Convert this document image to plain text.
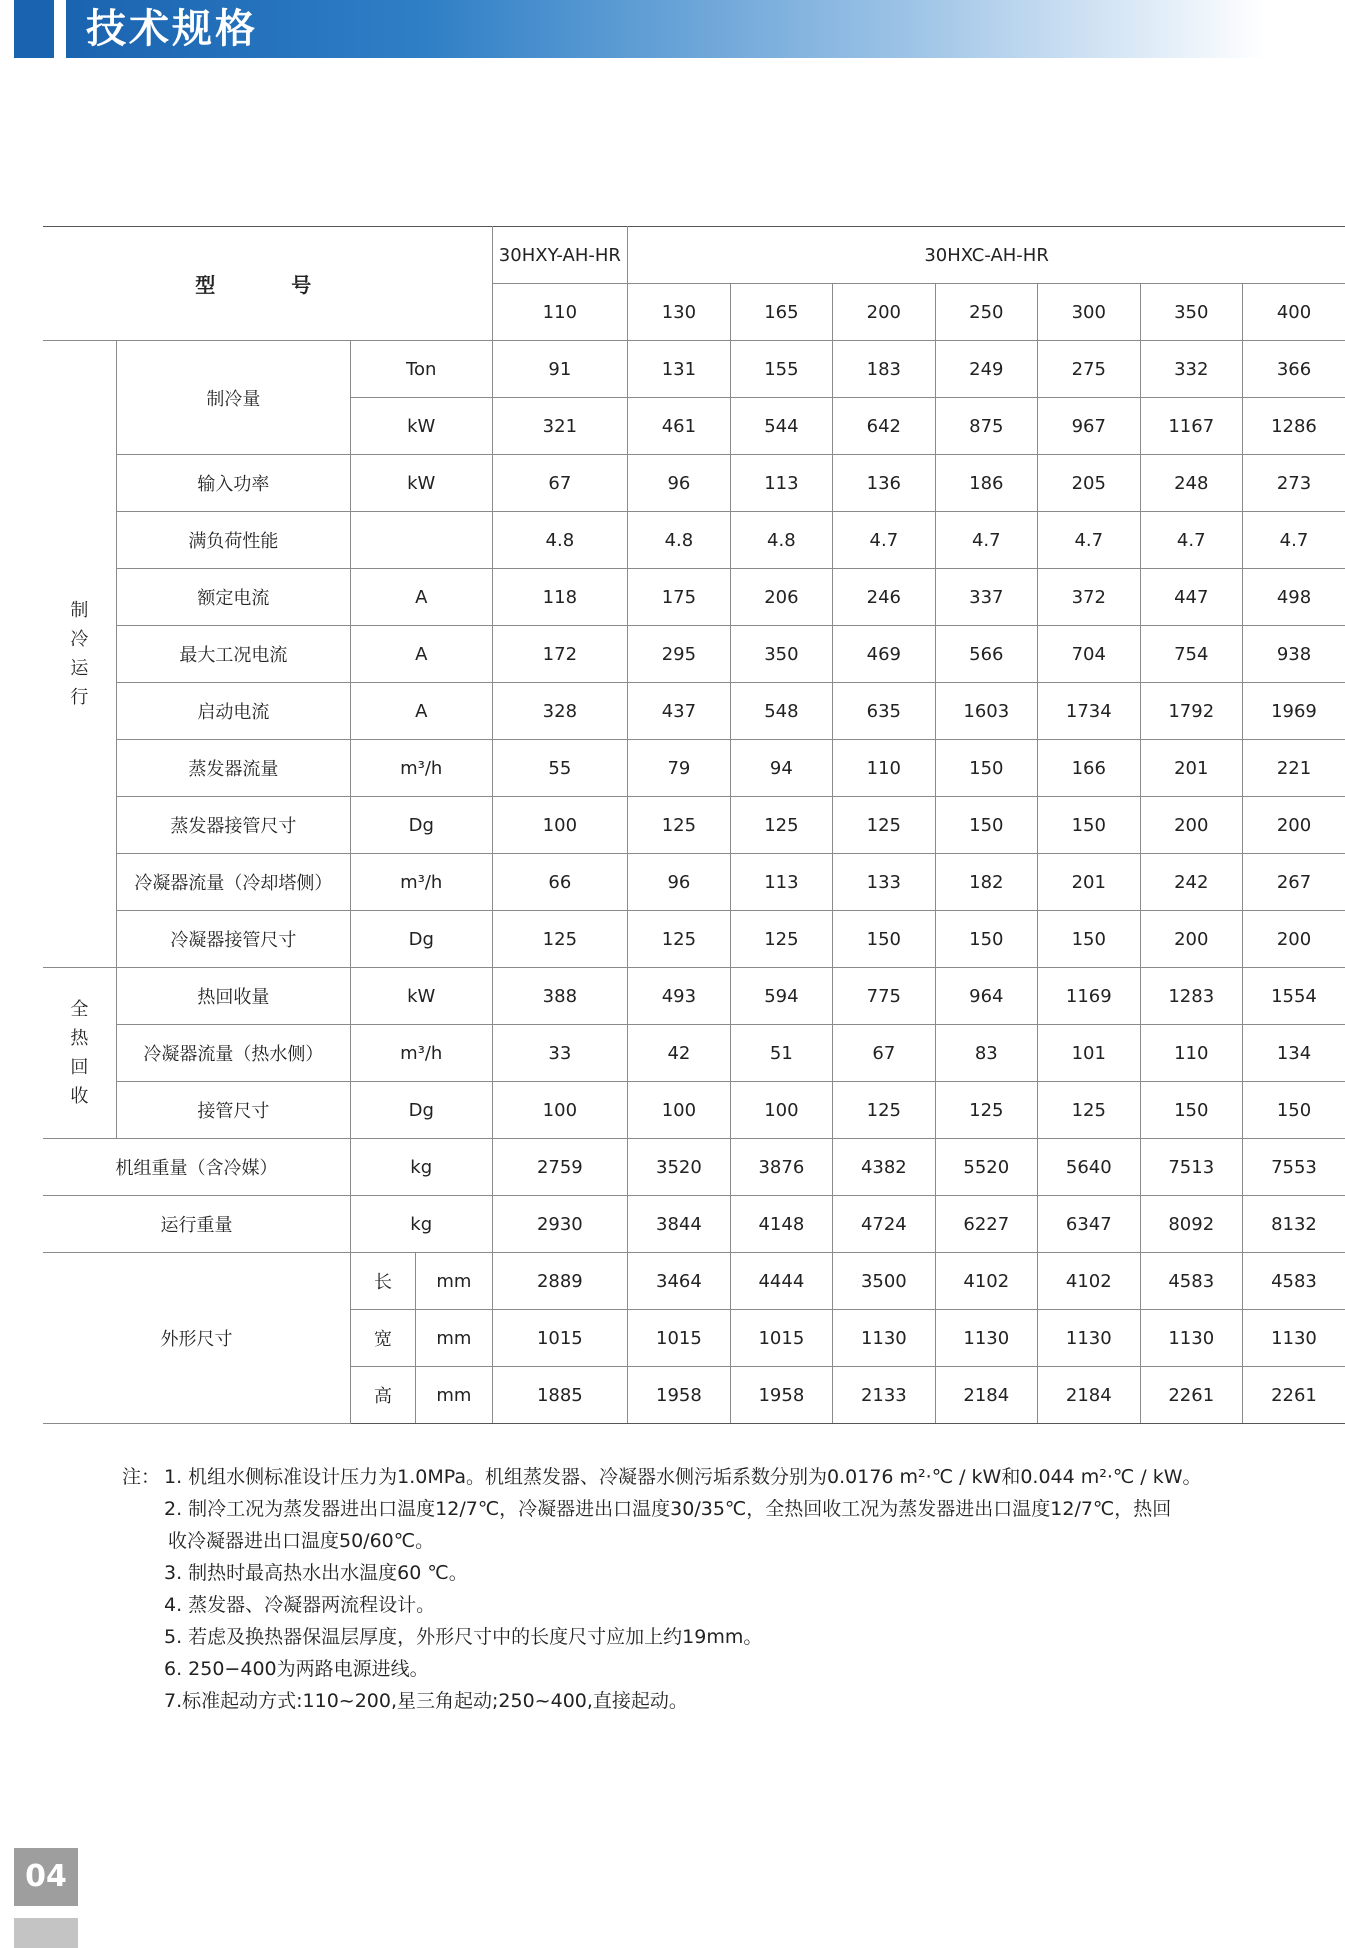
技术规格
型　号				30HXY-AH-HR	30HXC-AH-HR						
				110	130	165	200	250	300	350	400

制
冷
运
行	制冷量	Ton		91	131	155	183	249	275	332	366
		kW		321	461	544	642	875	967	1167	1286
	输入功率	kW		67	96	113	136	186	205	248	273
	满负荷性能			4.8	4.8	4.8	4.7	4.7	4.7	4.7	4.7
	额定电流	A		118	175	206	246	337	372	447	498
	最大工况电流	A		172	295	350	469	566	704	754	938
	启动电流	A		328	437	548	635	1603	1734	1792	1969
	蒸发器流量	m³/h		55	79	94	110	150	166	201	221
	蒸发器接管尺寸	Dg		100	125	125	125	150	150	200	200
	冷凝器流量（冷却塔侧）	m³/h		66	96	113	133	182	201	242	267
	冷凝器接管尺寸	Dg		125	125	125	150	150	150	200	200

全
热
回
收	热回收量	kW		388	493	594	775	964	1169	1283	1554
	冷凝器流量（热水侧）	m³/h		33	42	51	67	83	101	110	134
	接管尺寸	Dg		100	100	100	125	125	125	150	150
机组重量（含冷媒）		kg		2759	3520	3876	4382	5520	5640	7513	7553
运行重量		kg		2930	3844	4148	4724	6227	6347	8092	8132
外形尺寸		长	mm	2889	3464	4444	3500	4102	4102	4583	4583
		宽	mm	1015	1015	1015	1130	1130	1130	1130	1130
		高	mm	1885	1958	1958	2133	2184	2184	2261	2261
注： 1. 机组水侧标准设计压力为1.0MPa。机组蒸发器、冷凝器水侧污垢系数分别为0.0176 m²·℃ / kW和0.044 m²·℃ / kW。
2. 制冷工况为蒸发器进出口温度12/7℃，冷凝器进出口温度30/35℃，全热回收工况为蒸发器进出口温度12/7℃，热回
收冷凝器进出口温度50/60℃。
3. 制热时最高热水出水温度60 ℃。
4. 蒸发器、冷凝器两流程设计。
5. 若虑及换热器保温层厚度，外形尺寸中的长度尺寸应加上约19mm。
6. 250−400为两路电源进线。
7.标准起动方式:110~200,星三角起动;250~400,直接起动。
04
